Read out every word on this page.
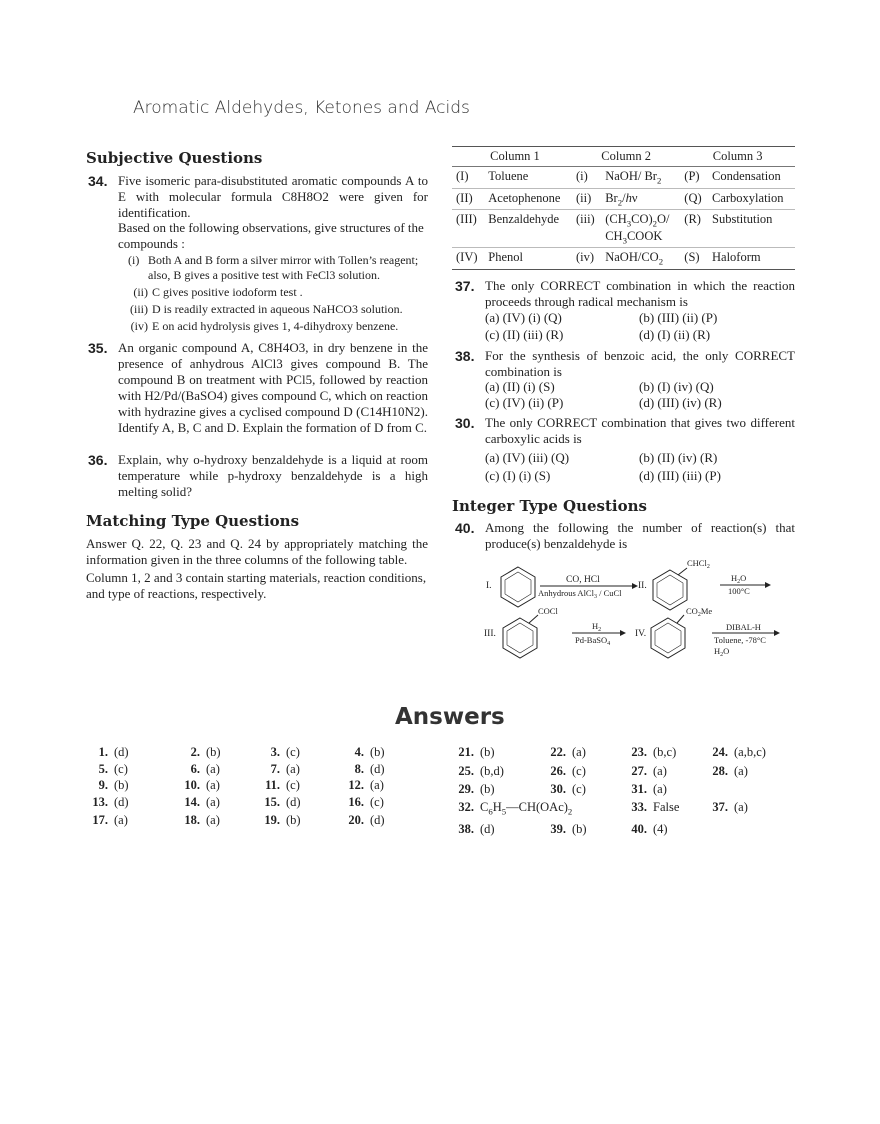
Aromatic Aldehydes, Ketones and Acids
Subjective Questions
34. Five isomeric para-disubstituted aromatic compounds A to E with molecular formula C8H8O2 were given for identification.
Based on the following observations, give structures of the compounds :
(i) Both A and B form a silver mirror with Tollen’s reagent; also, B gives a positive test with FeCl3 solution.
(ii) C gives positive iodoform test .
(iii) D is readily extracted in aqueous NaHCO3 solution.
(iv) E on acid hydrolysis gives 1, 4-dihydroxy benzene.
35. An organic compound A, C8H4O3, in dry benzene in the presence of anhydrous AlCl3 gives compound B. The compound B on treatment with PCl5, followed by reaction with H2/Pd/(BaSO4) gives compound C, which on reaction with hydrazine gives a cyclised compound D (C14H10N2). Identify A, B, C and D. Explain the formation of D from C.
36. Explain, why o-hydroxy benzaldehyde is a liquid at room temperature while p-hydroxy benzaldehyde is a high melting solid?
Matching Type Questions
Answer Q. 22, Q. 23 and Q. 24 by appropriately matching the information given in the three columns of the following table.
Column 1, 2 and 3 contain starting materials, reaction conditions, and type of reactions, respectively.
Column 1		Column 2		Column 3	
(I)	Toluene	(i)	NaOH/ $Br_2$	(P)	Condensation
(II)	Acetophenone	(ii)	$Br_2/h\nu$	(Q)	Carboxylation
(III)	Benzaldehyde	(iii)	$(CH_3CO)_2O/$
$CH_3COOK$	(R)	Substitution
(IV)	Phenol	(iv)	NaOH/$CO_2$	(S)	Haloform
37. The only CORRECT combination in which the reaction proceeds through radical mechanism is
(a) (IV) (i) (Q)	(b) (III) (ii) (P)
(c) (II) (iii) (R)	(d) (I) (ii) (R)
38. For the synthesis of benzoic acid, the only CORRECT combination is
(a) (II) (i) (S)	(b) (I) (iv) (Q)
(c) (IV) (ii) (P)	(d) (III) (iv) (R)
30. The only CORRECT combination that gives two different carboxylic acids is
(a) (IV) (iii) (Q)	(b) (II) (iv) (R)
(c) (I) (i) (S)	(d) (III) (iii) (P)
Integer Type Questions
40. Among the following the number of reaction(s) that produce(s) benzaldehyde is
I.
CO, HCl
Anhydrous AlCl$_3$ / CuCl
II.
CHCl$_2$
$H_2O$
100°C
III.
COCl
$H_2$
Pd-BaSO$_4$
IV.
$CO_2Me$
DIBAL-H
Toluene, -78°C
$H_2O$
Answers
1. (d)	2. (b)	3. (c)	4. (b)
5. (c)	6. (a)	7. (a)	8. (d)
9. (b)	10. (a)	11. (c)	12. (a)
13. (d)	14. (a)	15. (d)	16. (c)
17. (a)	18. (a)	19. (b)	20. (d)
21. (b)	22. (a)	23. (b,c)	24. (a,b,c)
25. (b,d)	26. (c)	27. (a)	28. (a)
29. (b)	30. (c)	31. (a)
32. $C_6H_5—CH(OAc)_2$	33. False	37. (a)
38. (d)	39. (b)	40. (4)
